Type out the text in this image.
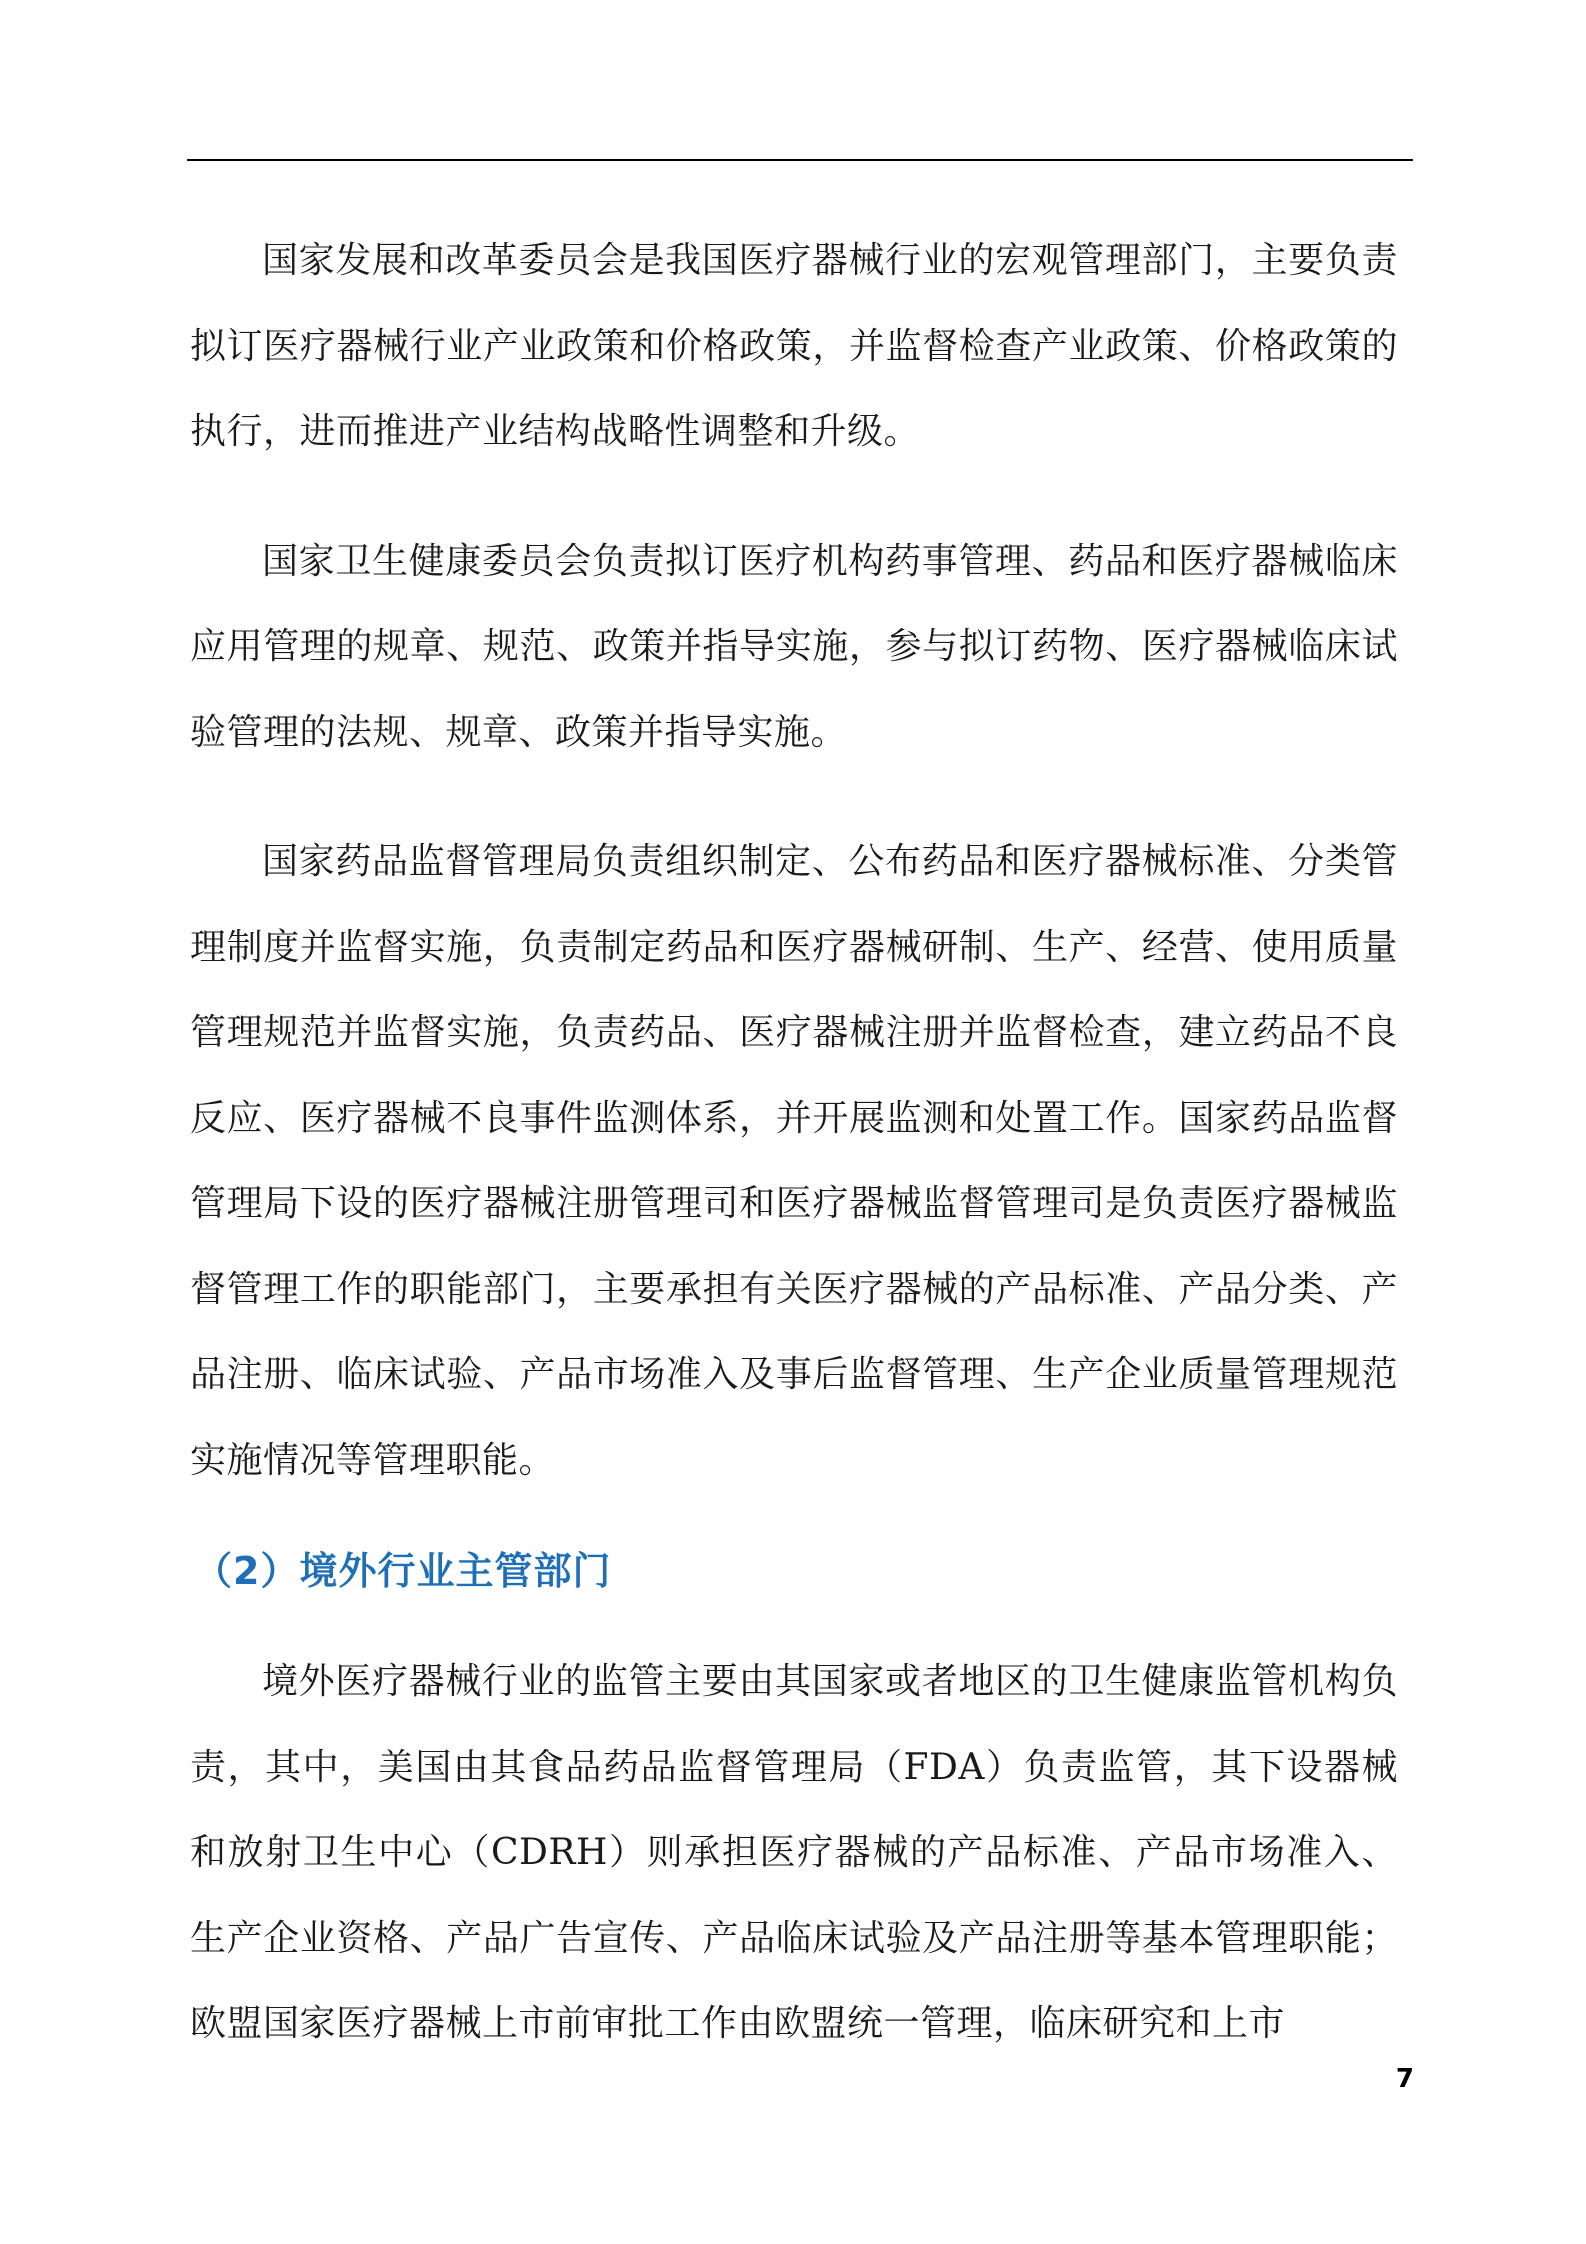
国家发展和改革委员会是我国医疗器械行业的宏观管理部门，主要负责拟订医疗器械行业产业政策和价格政策，并监督检查产业政策、价格政策的执行，进而推进产业结构战略性调整和升级。

国家卫生健康委员会负责拟订医疗机构药事管理、药品和医疗器械临床应用管理的规章、规范、政策并指导实施，参与拟订药物、医疗器械临床试验管理的法规、规章、政策并指导实施。

国家药品监督管理局负责组织制定、公布药品和医疗器械标准、分类管理制度并监督实施，负责制定药品和医疗器械研制、生产、经营、使用质量管理规范并监督实施，负责药品、医疗器械注册并监督检查，建立药品不良反应、医疗器械不良事件监测体系，并开展监测和处置工作。国家药品监督管理局下设的医疗器械注册管理司和医疗器械监督管理司是负责医疗器械监督管理工作的职能部门，主要承担有关医疗器械的产品标准、产品分类、产品注册、临床试验、产品市场准入及事后监督管理、生产企业质量管理规范实施情况等管理职能。

（2）境外行业主管部门

境外医疗器械行业的监管主要由其国家或者地区的卫生健康监管机构负责，其中，美国由其食品药品监督管理局（FDA）负责监管，其下设器械和放射卫生中心（CDRH）则承担医疗器械的产品标准、产品市场准入、生产企业资格、产品广告宣传、产品临床试验及产品注册等基本管理职能；欧盟国家医疗器械上市前审批工作由欧盟统一管理，临床研究和上市

7
